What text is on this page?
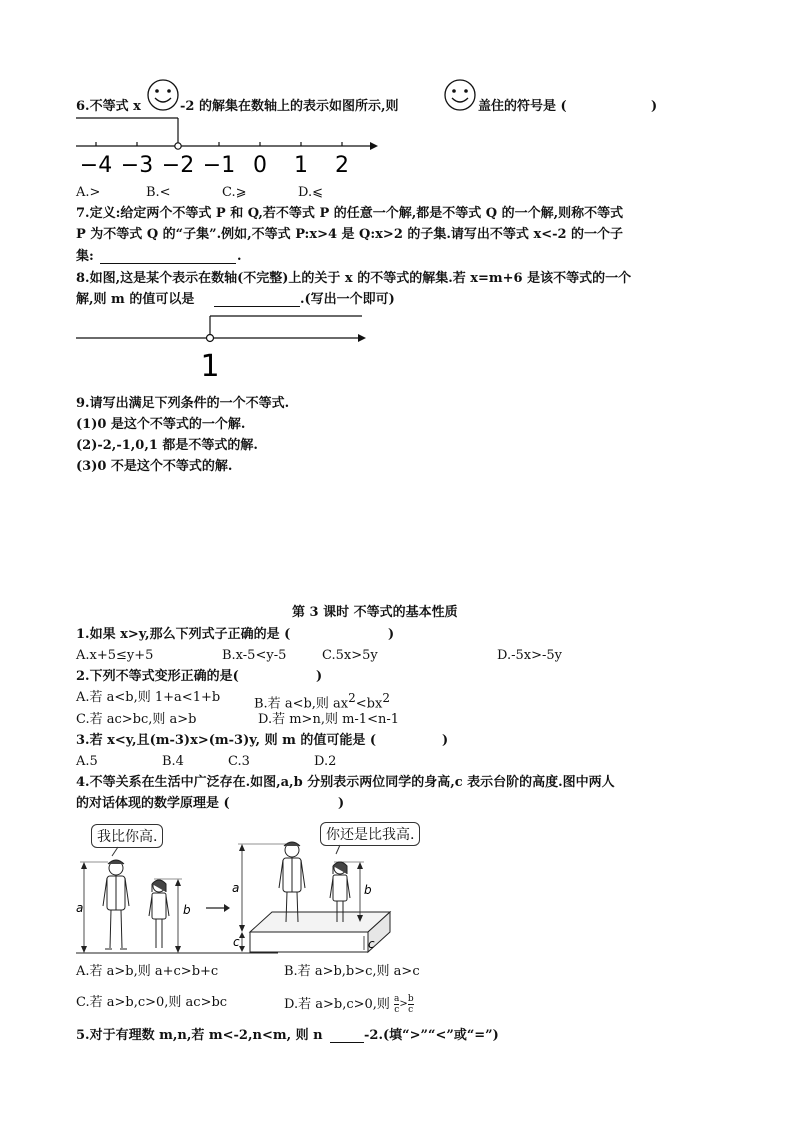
6.不等式 x	-2 的解集在数轴上的表示如图所示,则	盖住的符号是 (	)
−4 −3 −2 −1 0 1 2
A.>	B.<	C.⩾	D.⩽
7.定义:给定两个不等式 P 和 Q,若不等式 P 的任意一个解,都是不等式 Q 的一个解,则称不等式
P 为不等式 Q 的“子集”.例如,不等式 P:x>4 是 Q:x>2 的子集.请写出不等式 x<-2 的一个子
集:	.
8.如图,这是某个表示在数轴(不完整)上的关于 x 的不等式的解集.若 x=m+6 是该不等式的一个
解,则 m 的值可以是	.(写出一个即可)
1
9.请写出满足下列条件的一个不等式.
(1)0 是这个不等式的一个解.
(2)-2,-1,0,1 都是不等式的解.
(3)0 不是这个不等式的解.
第 3 课时 不等式的基本性质
1.如果 x>y,那么下列式子正确的是 (	)
A.x+5≤y+5	B.x-5<y-5	C.5x>5y	D.-5x>-5y
2.下列不等式变形正确的是(	)
A.若 a<b,则 1+a<1+b	B.若 a<b,则 $ax^2<bx^2$
C.若 ac>bc,则 a>b	D.若 m>n,则 m-1<n-1
3.若 x<y,且(m-3)x>(m-3)y, 则 m 的值可能是 (	)
A.5	B.4	C.3	D.2
4.不等关系在生活中广泛存在.如图,a,b 分别表示两位同学的身高,c 表示台阶的高度.图中两人
的对话体现的数学原理是 (	)
我比你高.	你还是比我高.
a	b
a
c
b
c
A.若 a>b,则 a+c>b+c	B.若 a>b,b>c,则 a>c
C.若 a>b,c>0,则 ac>bc	D.若 a>b,c>0,则 $\frac{a}{c} > \frac{b}{c}$
5.对于有理数 m,n,若 m<-2,n<m, 则 n	-2.(填“>”“<”或“=”)
